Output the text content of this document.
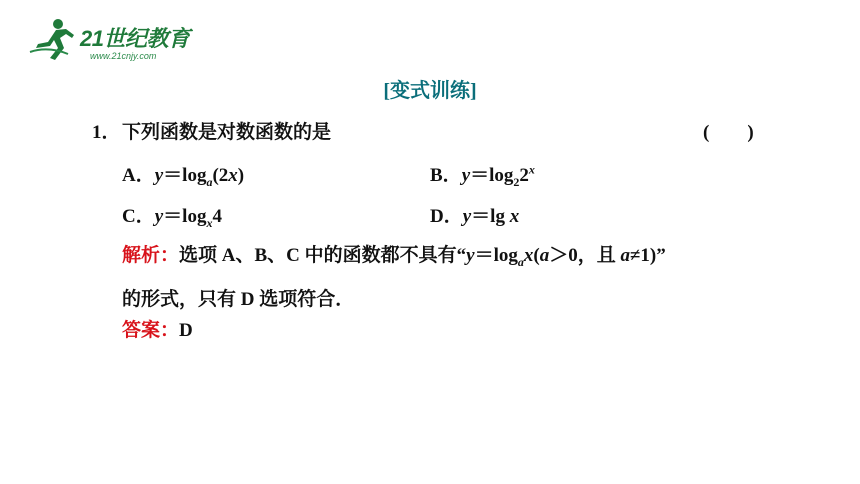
21世纪教育
www.21cnjy.com
[变式训练]
1． 下列函数是对数函数的是	(　　)
A．$y=\log_a(2x)$	B．$y=\log_22^x$
C．$y=\log_x4$	D．y＝lg x
解析：选项 A、B、C 中的函数都不具有“$y=\log_ax(a>0$，且 a≠1)”
的形式，只有 D 选项符合．
答案：D
